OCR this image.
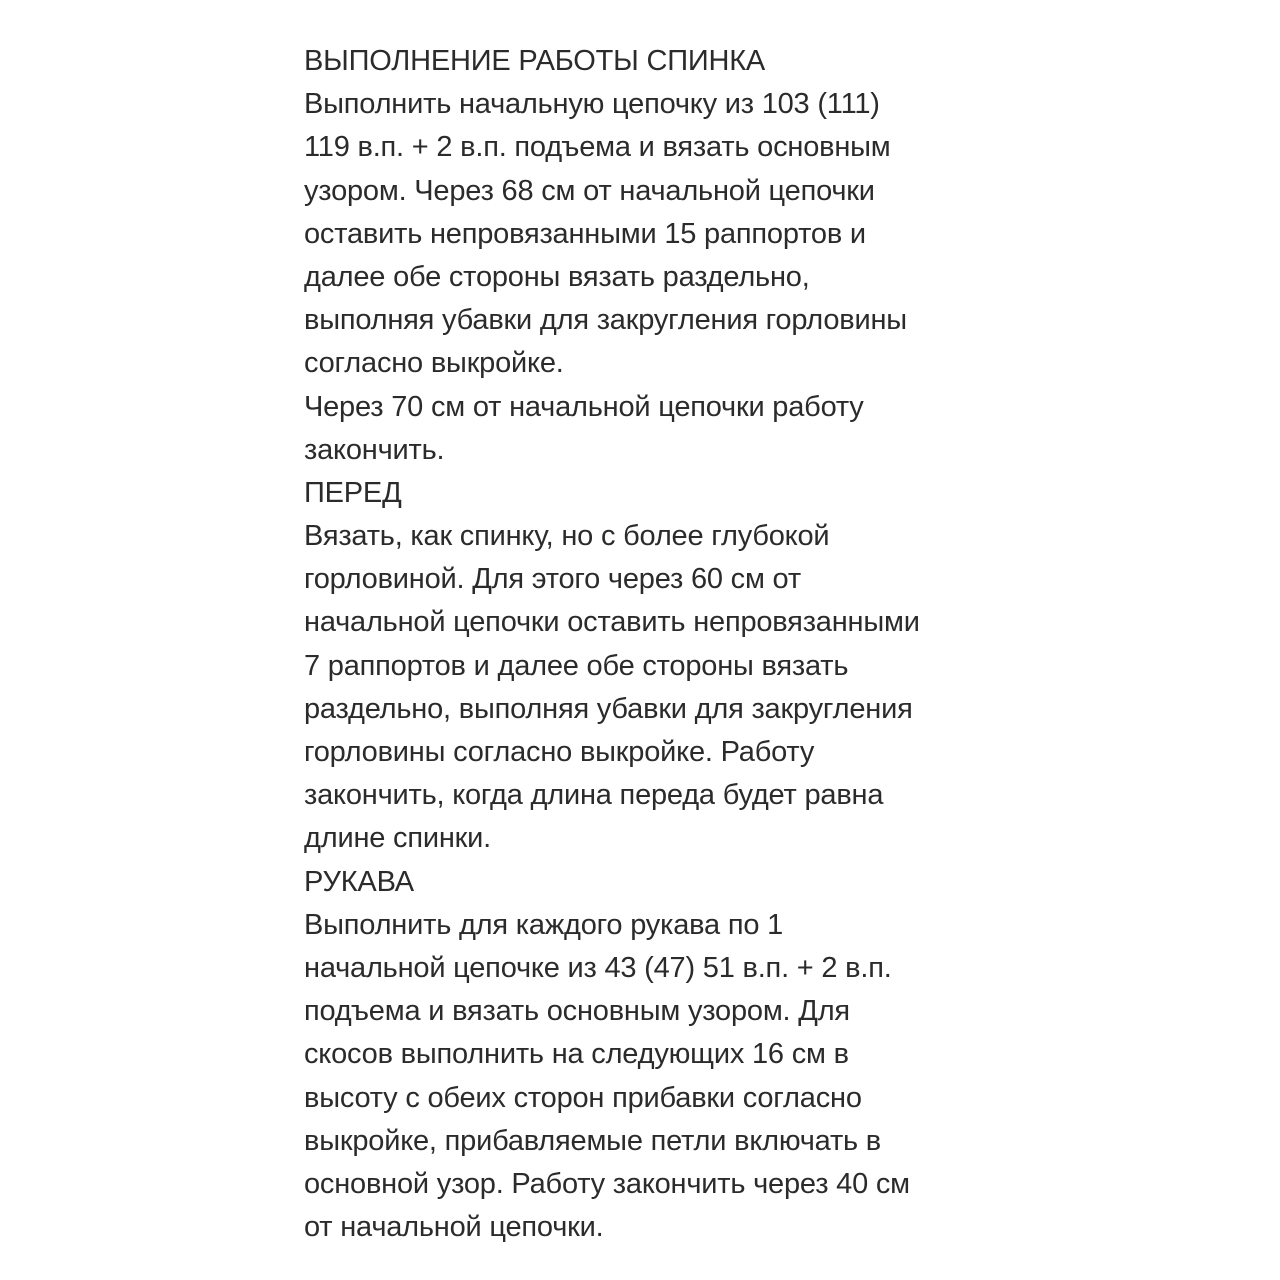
ВЫПОЛНЕНИЕ РАБОТЫ СПИНКА
Выполнить начальную цепочку из 103 (111)
119 в.п. + 2 в.п. подъема и вязать основным
узором. Через 68 см от начальной цепочки
оставить непровязанными 15 раппортов и
далее обе стороны вязать раздельно,
выполняя убавки для закругления горловины
согласно выкройке.
Через 70 см от начальной цепочки работу
закончить.
ПЕРЕД
Вязать, как спинку, но с более глубокой
горловиной. Для этого через 60 см от
начальной цепочки оставить непровязанными
7 раппортов и далее обе стороны вязать
раздельно, выполняя убавки для закругления
горловины согласно выкройке. Работу
закончить, когда длина переда будет равна
длине спинки.
РУКАВА
Выполнить для каждого рукава по 1
начальной цепочке из 43 (47) 51 в.п. + 2 в.п.
подъема и вязать основным узором. Для
скосов выполнить на следующих 16 см в
высоту с обеих сторон прибавки согласно
выкройке, прибавляемые петли включать в
основной узор. Работу закончить через 40 см
от начальной цепочки.
